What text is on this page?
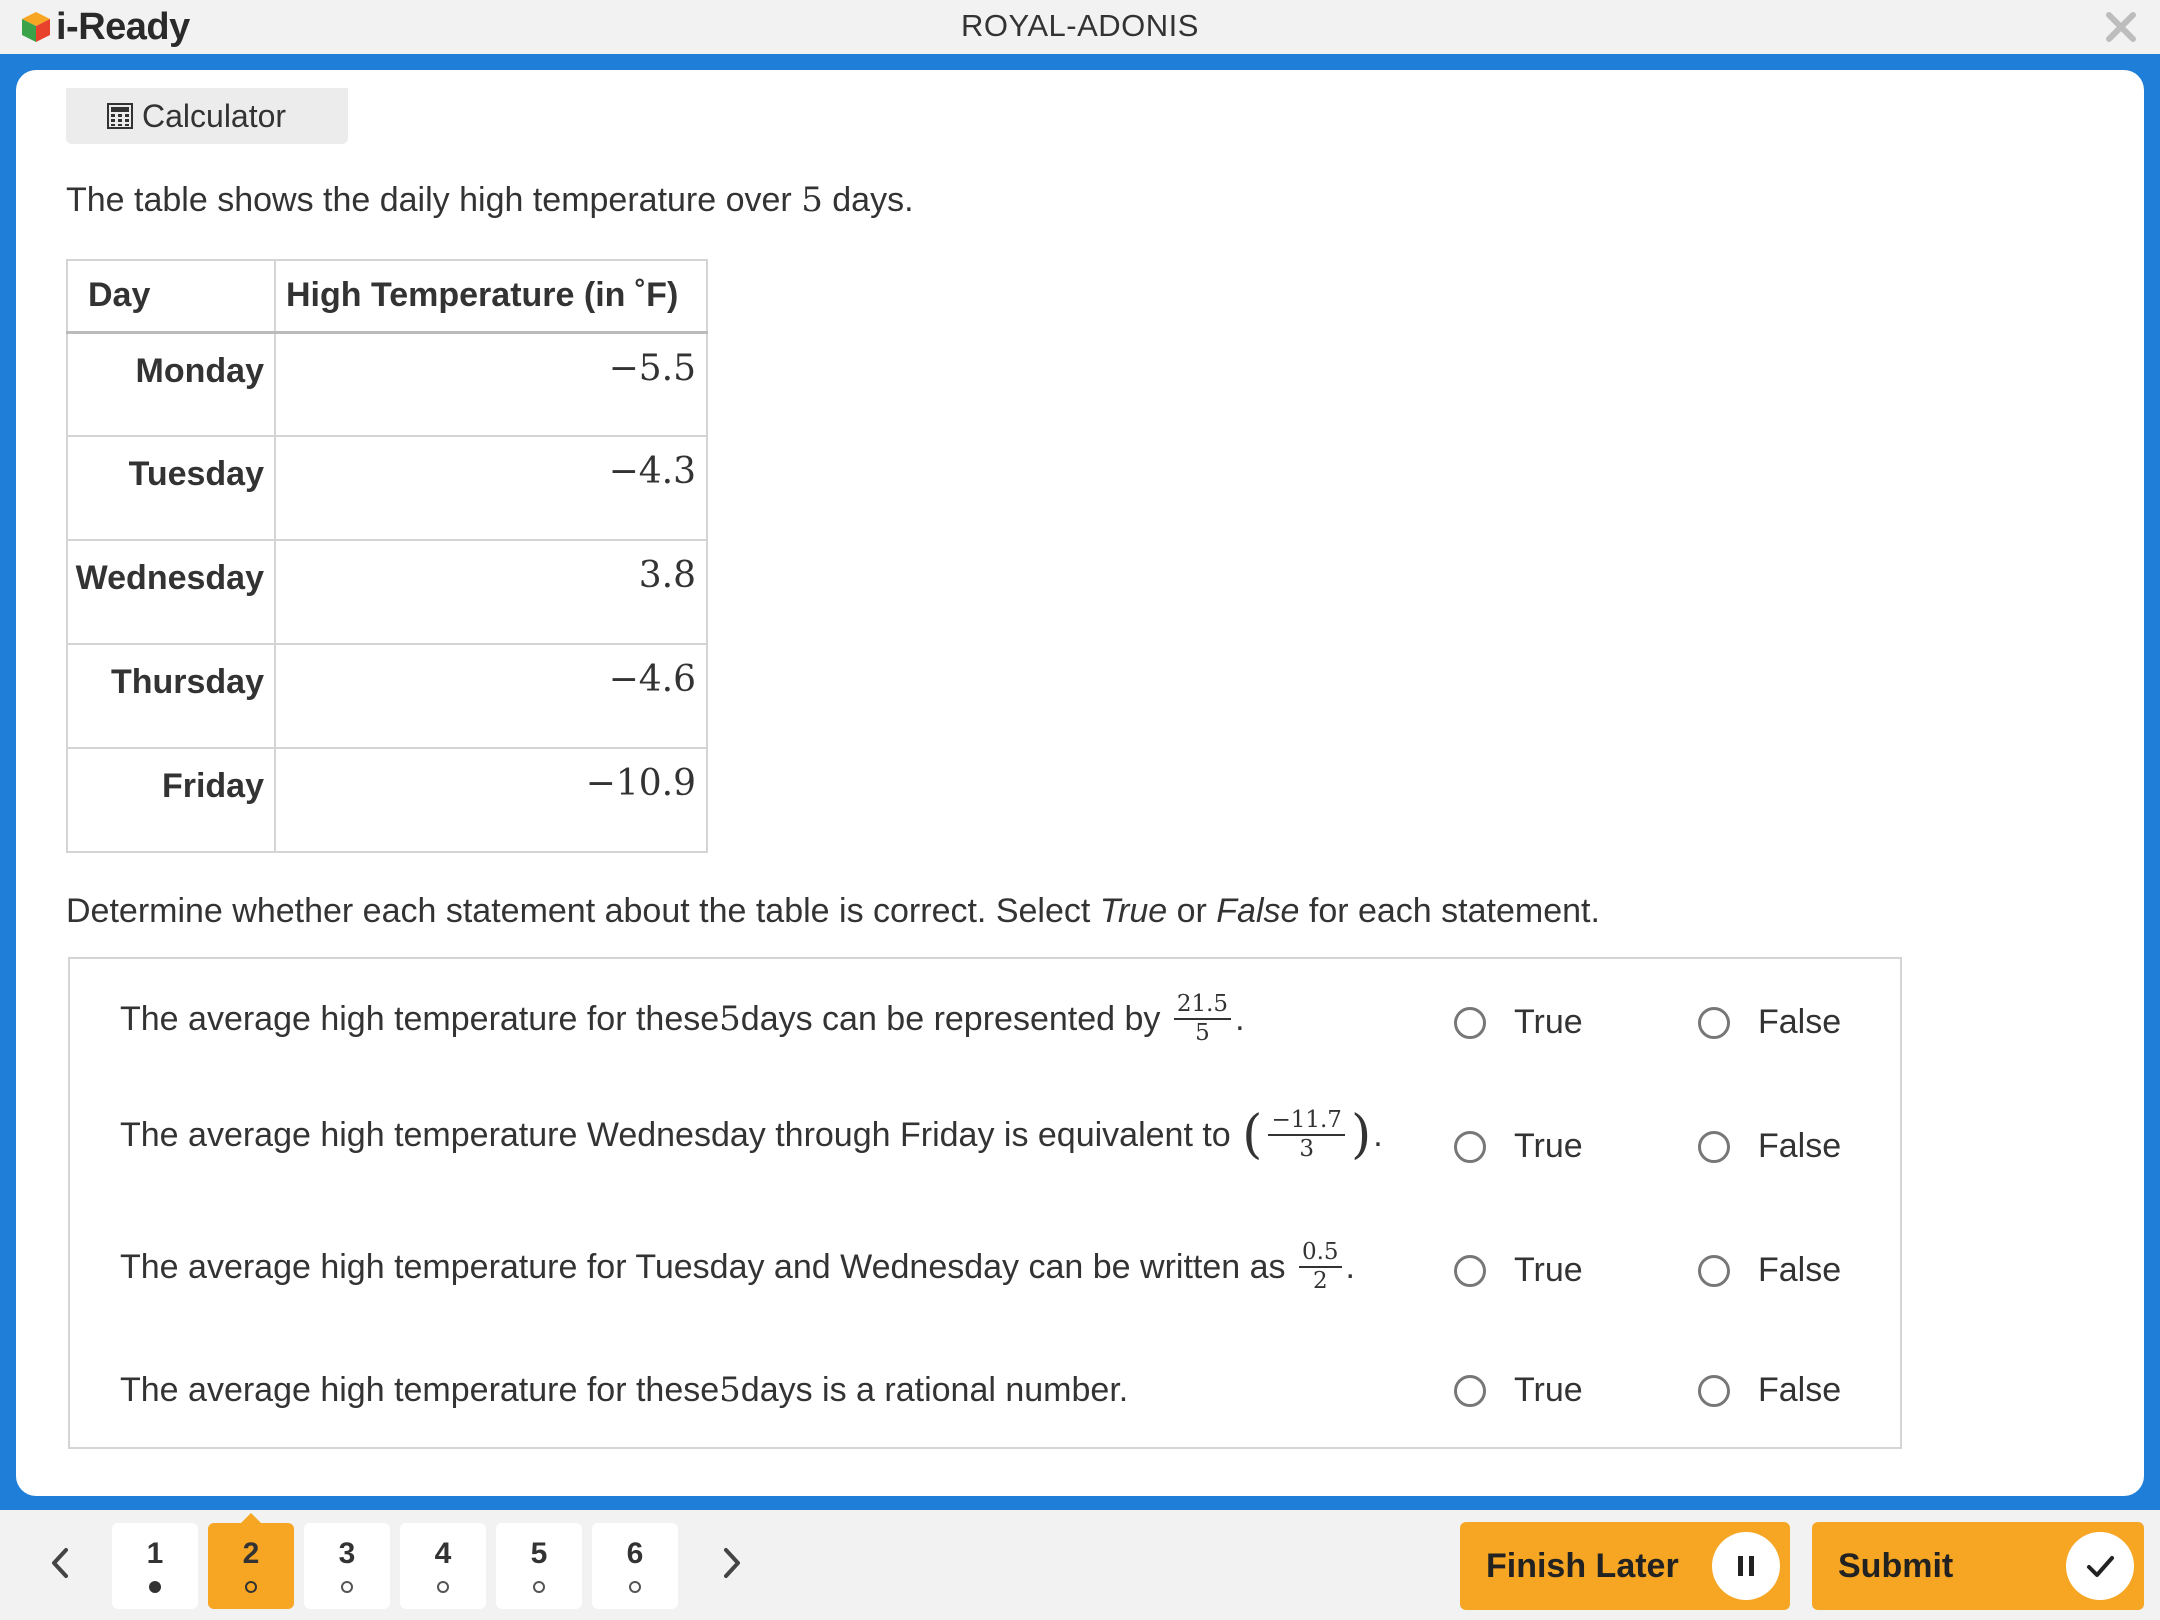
i-Ready	ROYAL-ADONIS
Calculator
The table shows the daily high temperature over 5 days.
Day	High Temperature (in ˚F)
Monday	−5.5
Tuesday	−4.3
Wednesday	3.8
Thursday	−4.6
Friday	−10.9
Determine whether each statement about the table is correct. Select True or False for each statement.
The average high temperature for these 5 days can be represented by
$\frac{21.5}{5}$ .	True	False
The average high temperature Wednesday through Friday is equivalent to
( $\frac{-11.7}{3}$ ) .	True	False
The average high temperature for Tuesday and Wednesday can be written as
$\frac{0.5}{2}$ .	True	False
The average high temperature for these 5 days is a rational number.	True	False
1	2	3	4	5	6	Finish Later	Submit
